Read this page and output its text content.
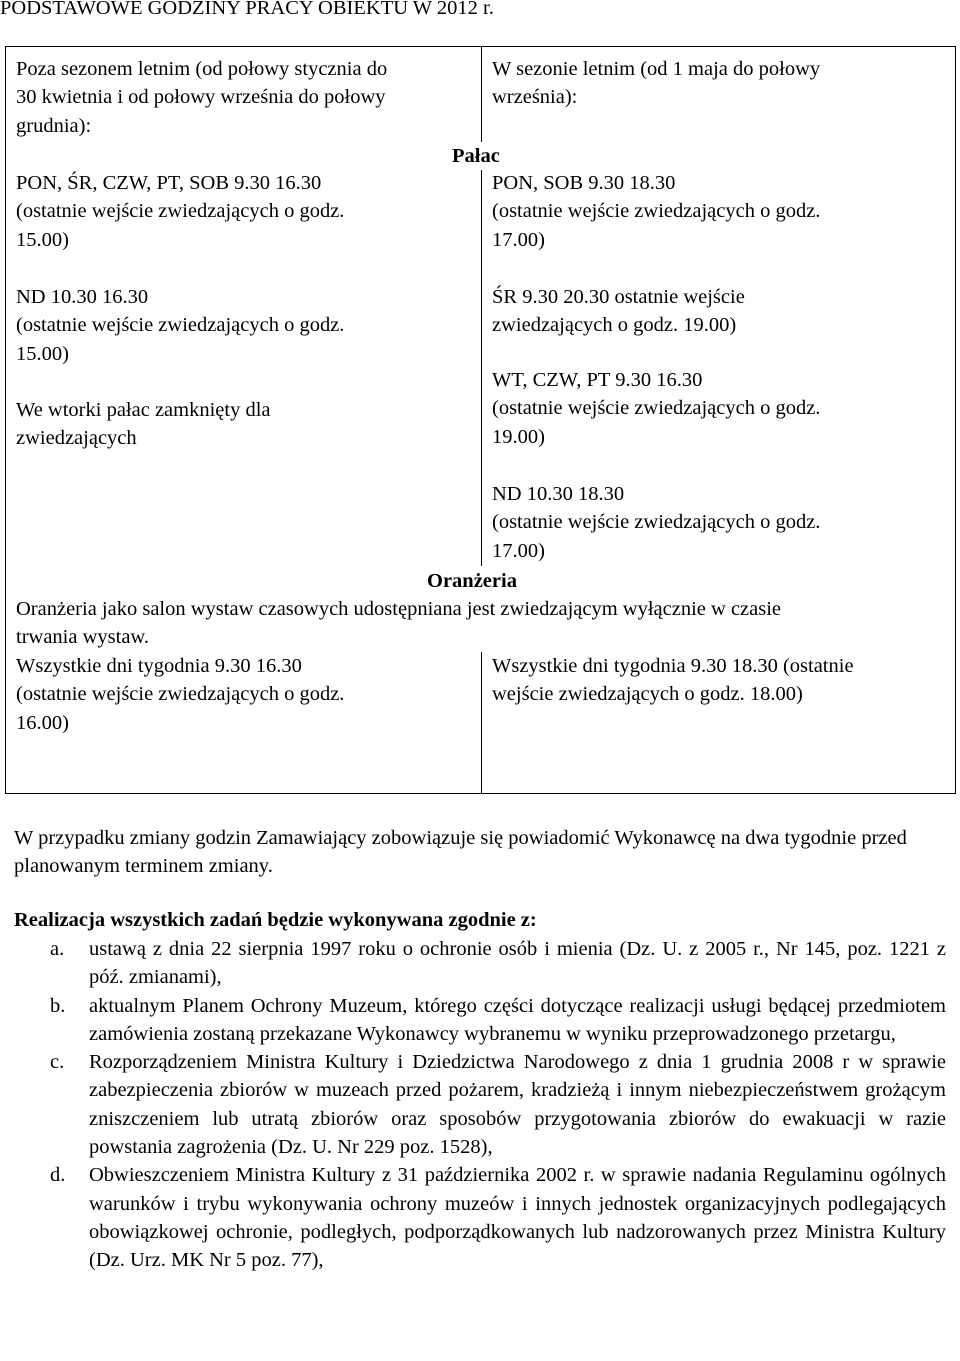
PODSTAWOWE GODZINY PRACY OBIEKTU W 2012 r.
Poza sezonem letnim (od połowy stycznia do
30 kwietnia i od połowy września do połowy
grudnia):
W sezonie letnim (od 1 maja do połowy
września):
Pałac
PON, ŚR, CZW, PT, SOB 9.30 16.30
(ostatnie wejście zwiedzających o godz.
15.00)
ND 10.30 16.30
(ostatnie wejście zwiedzających o godz.
15.00)
We wtorki pałac zamknięty dla
zwiedzających
PON, SOB 9.30 18.30
(ostatnie wejście zwiedzających o godz.
17.00)
ŚR 9.30 20.30 ostatnie wejście
zwiedzających o godz. 19.00)
WT, CZW, PT 9.30 16.30
(ostatnie wejście zwiedzających o godz.
19.00)
ND 10.30 18.30
(ostatnie wejście zwiedzających o godz.
17.00)
Oranżeria
Oranżeria jako salon wystaw czasowych udostępniana jest zwiedzającym wyłącznie w czasie
trwania wystaw.
Wszystkie dni tygodnia 9.30 16.30
(ostatnie wejście zwiedzających o godz.
16.00)
Wszystkie dni tygodnia 9.30 18.30 (ostatnie
wejście zwiedzających o godz. 18.00)
W przypadku zmiany godzin Zamawiający zobowiązuje się powiadomić Wykonawcę na dwa tygodnie przed planowanym terminem zmiany.
Realizacja wszystkich zadań będzie wykonywana zgodnie z:
a. ustawą z dnia 22 sierpnia 1997 roku o ochronie osób i mienia (Dz. U. z 2005 r., Nr 145, poz. 1221 z póź. zmianami),
b. aktualnym Planem Ochrony Muzeum, którego części dotyczące realizacji usługi będącej przedmiotem zamówienia zostaną przekazane Wykonawcy wybranemu w wyniku przeprowadzonego przetargu,
c. Rozporządzeniem Ministra Kultury i Dziedzictwa Narodowego z dnia 1 grudnia 2008 r w sprawie zabezpieczenia zbiorów w muzeach przed pożarem, kradzieżą i innym niebezpieczeństwem grożącym zniszczeniem lub utratą zbiorów oraz sposobów przygotowania zbiorów do ewakuacji w razie powstania zagrożenia (Dz. U. Nr 229 poz. 1528),
d. Obwieszczeniem Ministra Kultury z 31 października 2002 r. w sprawie nadania Regulaminu ogólnych warunków i trybu wykonywania ochrony muzeów i innych jednostek organizacyjnych podlegających obowiązkowej ochronie, podległych, podporządkowanych lub nadzorowanych przez Ministra Kultury (Dz. Urz. MK Nr 5 poz. 77),
